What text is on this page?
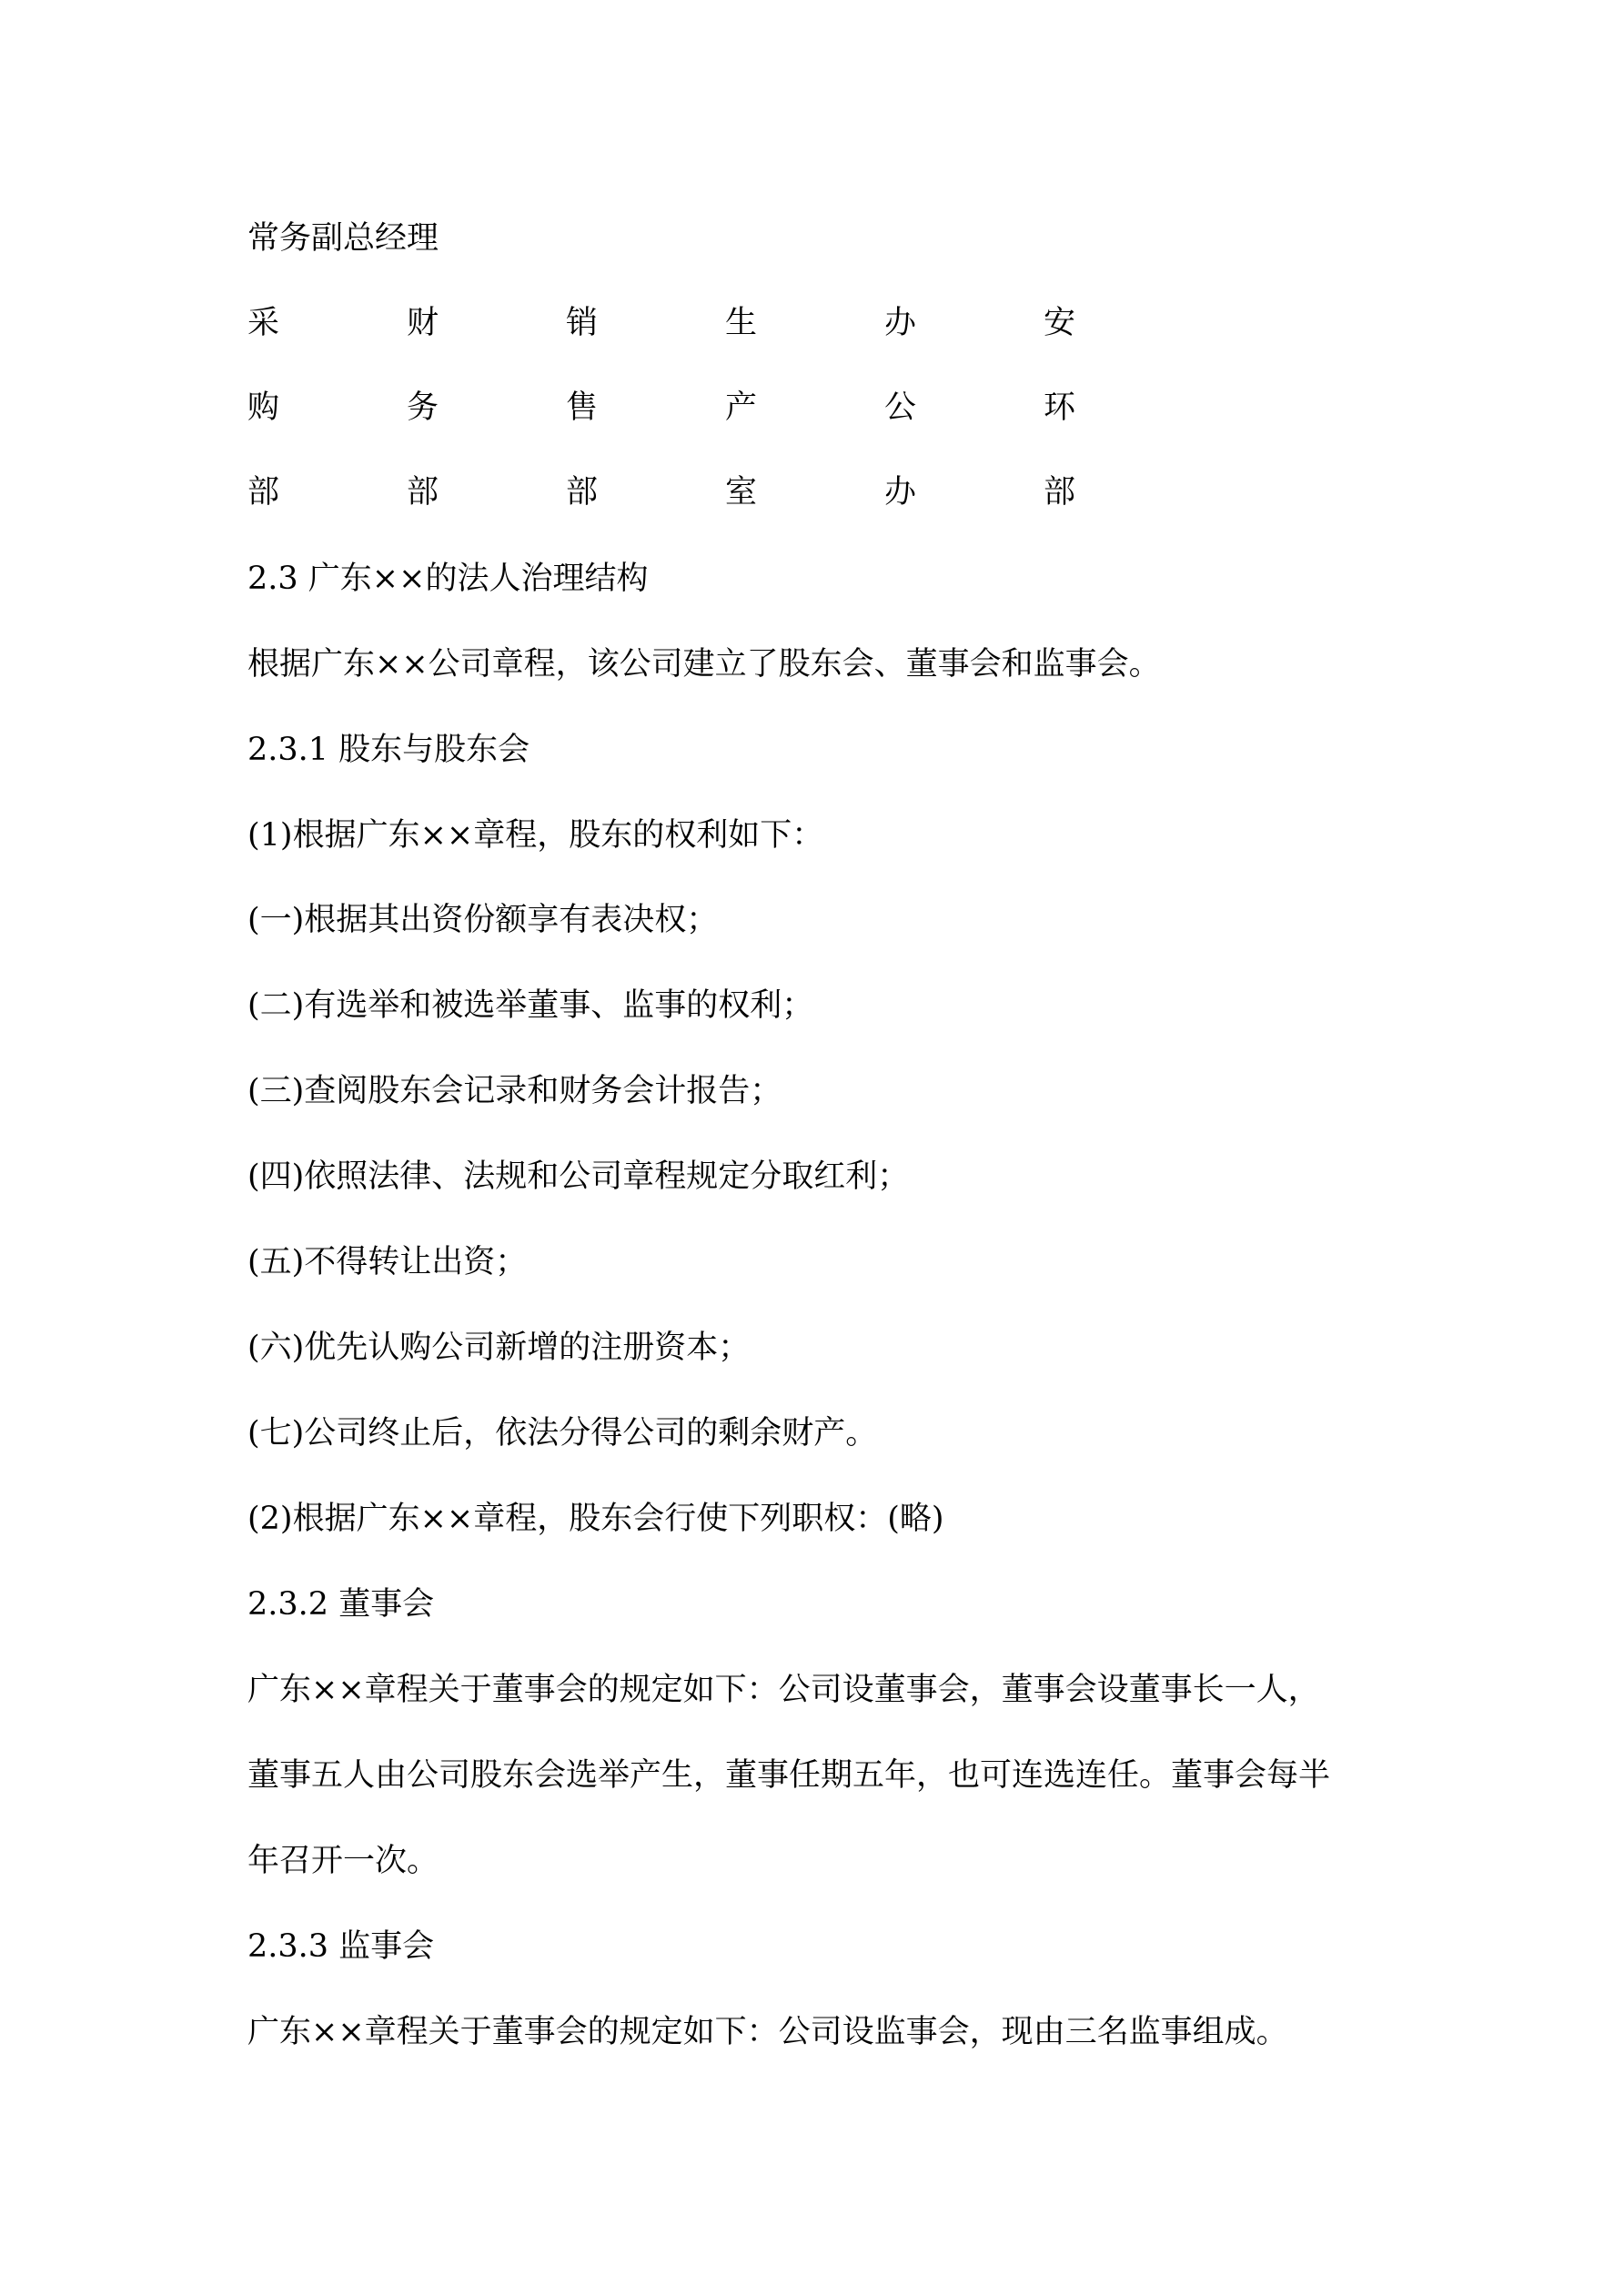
常务副总经理
采	财	销	生	办	安
购	务	售	产	公	环
部	部	部	室	办	部
2.3 广东××的法人治理结构
根据广东××公司章程，该公司建立了股东会、董事会和监事会。
2.3.1 股东与股东会
(1)根据广东××章程，股东的权利如下：
(一)根据其出资份额享有表决权；
(二)有选举和被选举董事、监事的权利；
(三)查阅股东会记录和财务会计报告；
(四)依照法律、法规和公司章程规定分取红利；
(五)不得转让出资；
(六)优先认购公司新增的注册资本；
(七)公司终止后，依法分得公司的剩余财产。
(2)根据广东××章程，股东会行使下列职权：(略)
2.3.2 董事会
广东××章程关于董事会的规定如下：公司设董事会，董事会设董事长一人，
董事五人由公司股东会选举产生，董事任期五年，也可连选连任。董事会每半
年召开一次。
2.3.3 监事会
广东××章程关于董事会的规定如下：公司设监事会，现由三名监事组成。
